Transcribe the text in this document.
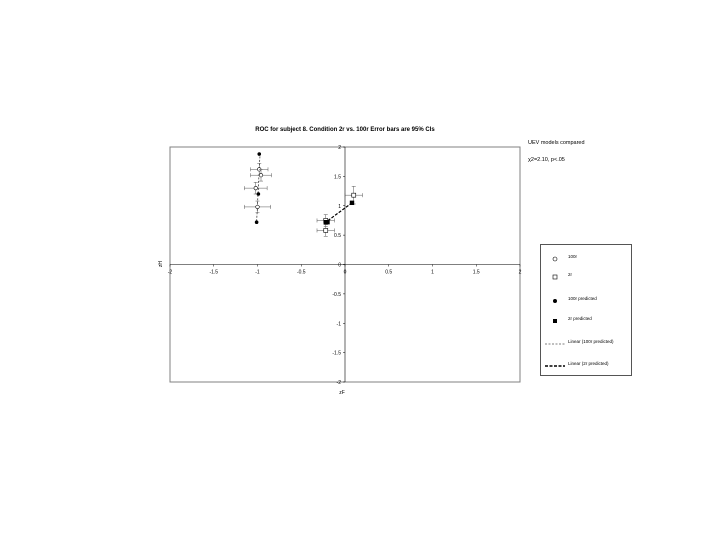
-2	-1.5	-1	-0.5	0	0.5	1	1.5	2
2
1.5
1
0.5
0
-0.5
-1
-1.5
-2
zF
zH
ROC for subject 8. Condition 2r vs. 100r Error bars are 95% CIs
UEV models compared
χ2=2.10, p<.05
100r
2r
100r predicted
2r predicted
Linear (100r predicted)
Linear (2r predicted)
